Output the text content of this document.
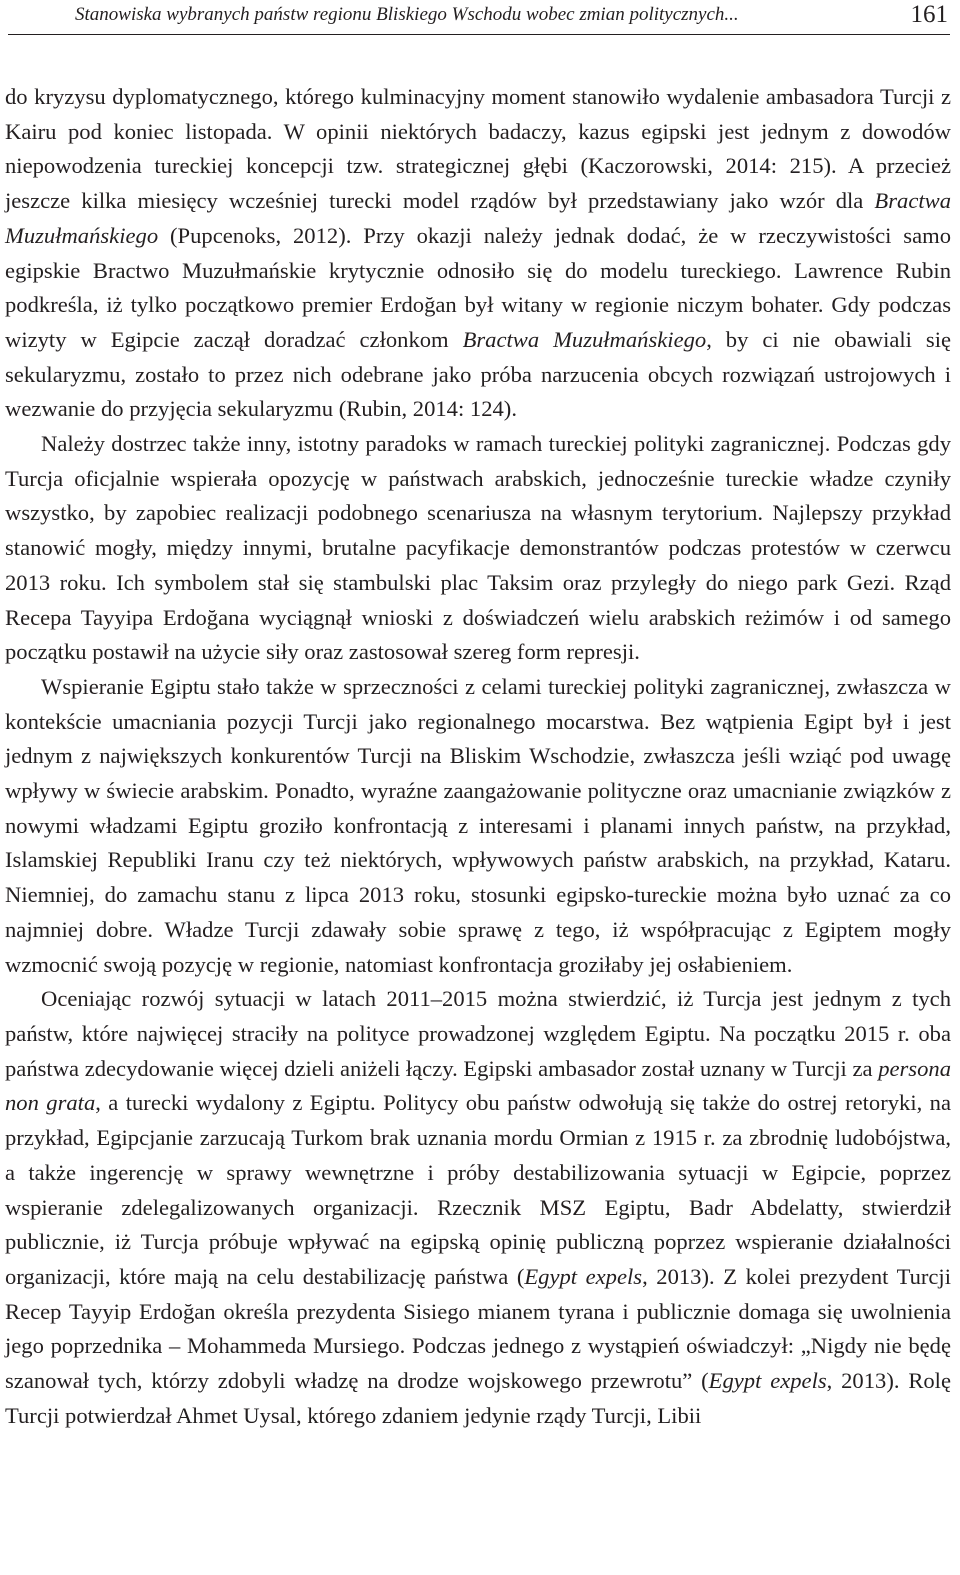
Stanowiska wybranych państw regionu Bliskiego Wschodu wobec zmian politycznych...	161

do kryzysu dyplomatycznego, którego kulminacyjny moment stanowiło wydalenie ambasadora Turcji z Kairu pod koniec listopada. W opinii niektórych badaczy, kazus egipski jest jednym z dowodów niepowodzenia tureckiej koncepcji tzw. strategicznej głębi (Kaczorowski, 2014: 215). A przecież jeszcze kilka miesięcy wcześniej turecki model rządów był przedstawiany jako wzór dla Bractwa Muzułmańskiego (Pupcenoks, 2012). Przy okazji należy jednak dodać, że w rzeczywistości samo egipskie Bractwo Muzułmańskie krytycznie odnosiło się do modelu tureckiego. Lawrence Rubin podkreśla, iż tylko początkowo premier Erdoğan był witany w regionie niczym bohater. Gdy podczas wizyty w Egipcie zaczął doradzać członkom Bractwa Muzułmańskiego, by ci nie obawiali się sekularyzmu, zostało to przez nich odebrane jako próba narzucenia obcych rozwiązań ustrojowych i wezwanie do przyjęcia sekularyzmu (Rubin, 2014: 124).

Należy dostrzec także inny, istotny paradoks w ramach tureckiej polityki zagranicznej. Podczas gdy Turcja oficjalnie wspierała opozycję w państwach arabskich, jednocześnie tureckie władze czyniły wszystko, by zapobiec realizacji podobnego scenariusza na własnym terytorium. Najlepszy przykład stanowić mogły, między innymi, brutalne pacyfikacje demonstrantów podczas protestów w czerwcu 2013 roku. Ich symbolem stał się stambulski plac Taksim oraz przyległy do niego park Gezi. Rząd Recepa Tayyipa Erdoğana wyciągnął wnioski z doświadczeń wielu arabskich reżimów i od samego początku postawił na użycie siły oraz zastosował szereg form represji.

Wspieranie Egiptu stało także w sprzeczności z celami tureckiej polityki zagranicznej, zwłaszcza w kontekście umacniania pozycji Turcji jako regionalnego mocarstwa. Bez wątpienia Egipt był i jest jednym z największych konkurentów Turcji na Bliskim Wschodzie, zwłaszcza jeśli wziąć pod uwagę wpływy w świecie arabskim. Ponadto, wyraźne zaangażowanie polityczne oraz umacnianie związków z nowymi władzami Egiptu groziło konfrontacją z interesami i planami innych państw, na przykład, Islamskiej Republiki Iranu czy też niektórych, wpływowych państw arabskich, na przykład, Kataru. Niemniej, do zamachu stanu z lipca 2013 roku, stosunki egipsko-tureckie można było uznać za co najmniej dobre. Władze Turcji zdawały sobie sprawę z tego, iż współpracując z Egiptem mogły wzmocnić swoją pozycję w regionie, natomiast konfrontacja groziłaby jej osłabieniem.

Oceniając rozwój sytuacji w latach 2011–2015 można stwierdzić, iż Turcja jest jednym z tych państw, które najwięcej straciły na polityce prowadzonej względem Egiptu. Na początku 2015 r. oba państwa zdecydowanie więcej dzieli aniżeli łączy. Egipski ambasador został uznany w Turcji za persona non grata, a turecki wydalony z Egiptu. Politycy obu państw odwołują się także do ostrej retoryki, na przykład, Egipcjanie zarzucają Turkom brak uznania mordu Ormian z 1915 r. za zbrodnię ludobójstwa, a także ingerencję w sprawy wewnętrzne i próby destabilizowania sytuacji w Egipcie, poprzez wspieranie zdelegalizowanych organizacji. Rzecznik MSZ Egiptu, Badr Abdelatty, stwierdził publicznie, iż Turcja próbuje wpływać na egipską opinię publiczną poprzez wspieranie działalności organizacji, które mają na celu destabilizację państwa (Egypt expels, 2013). Z kolei prezydent Turcji Recep Tayyip Erdoğan określa prezydenta Sisiego mianem tyrana i publicznie domaga się uwolnienia jego poprzednika – Mohammeda Mursiego. Podczas jednego z wystąpień oświadczył: „Nigdy nie będę szanował tych, którzy zdobyli władzę na drodze wojskowego przewrotu” (Egypt expels, 2013). Rolę Turcji potwierdzał Ahmet Uysal, którego zdaniem jedynie rządy Turcji, Libii
